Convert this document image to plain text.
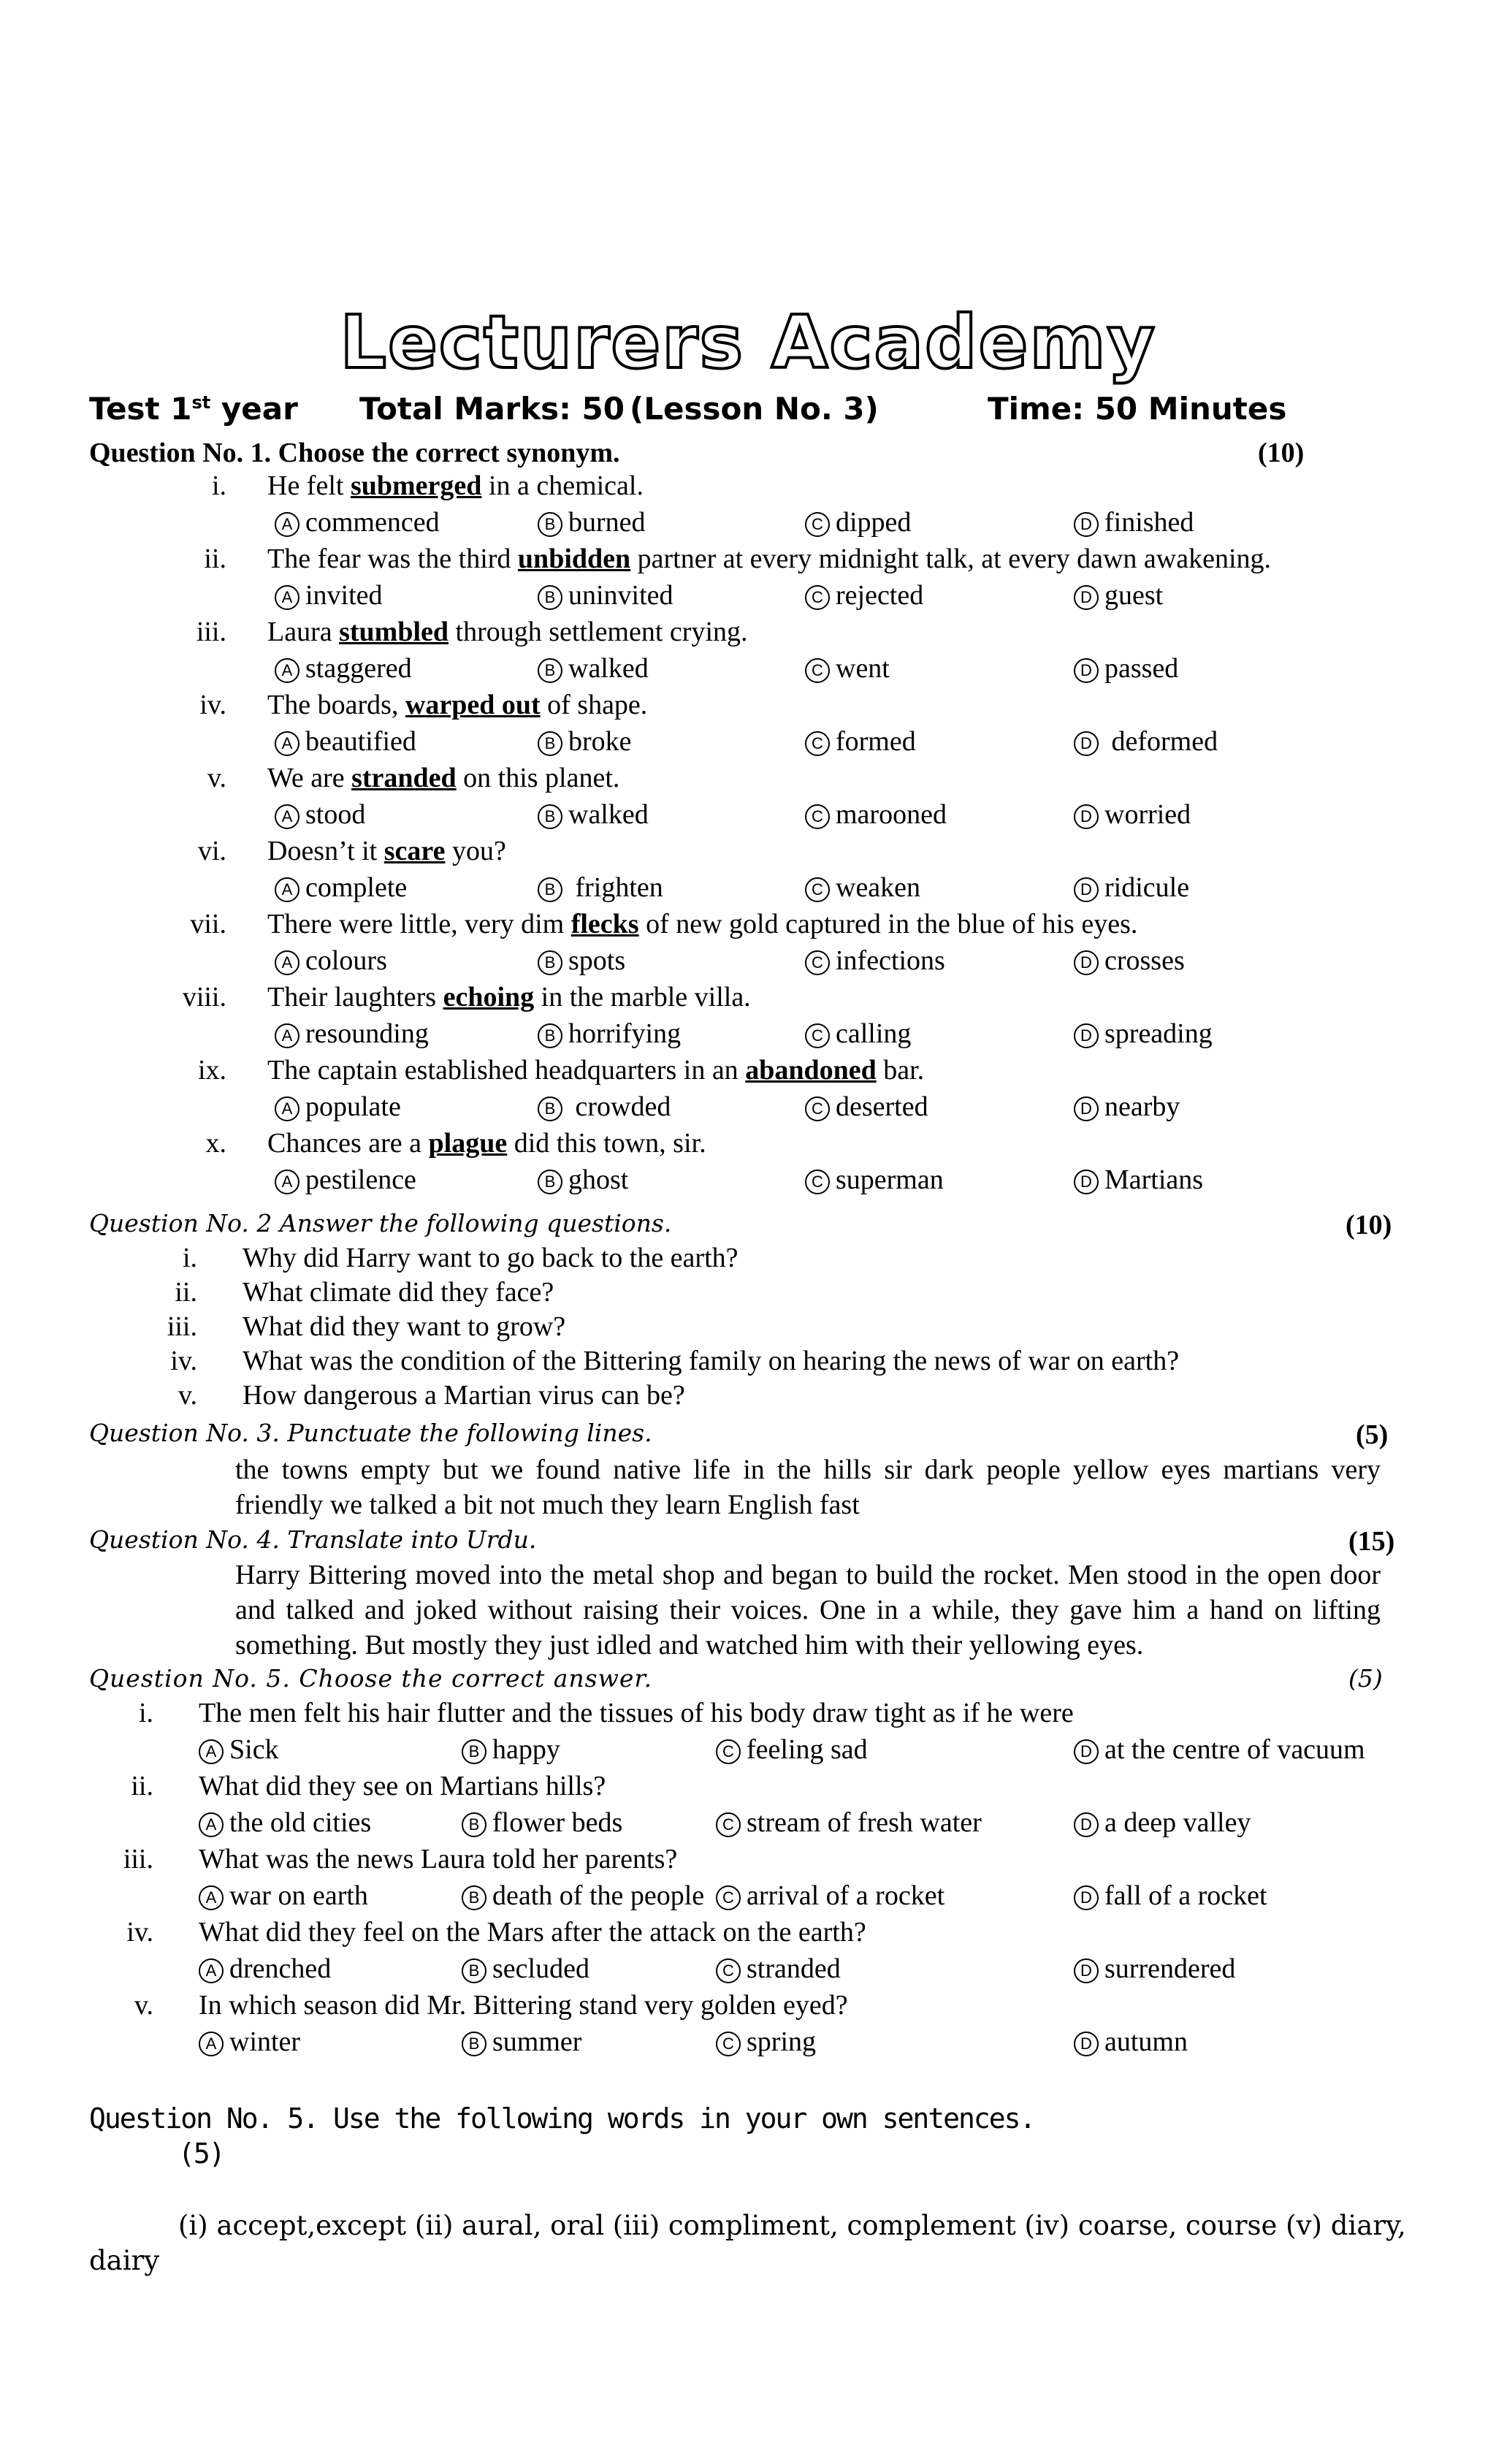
Lecturers Academy
Test 1st year Total Marks: 50 (Lesson No. 3)	Time: 50 Minutes
Question No. 1. Choose the correct synonym.	(10)
i. He felt submerged in a chemical.
A commenced	B burned	C dipped	D finished
ii. The fear was the third unbidden partner at every midnight talk, at every dawn awakening.
A invited	B uninvited	C rejected	D guest
iii. Laura stumbled through settlement crying.
A staggered	B walked	C went	D passed
iv. The boards, warped out of shape.
A beautified	B broke	C formed	D deformed
v. We are stranded on this planet.
A stood	B walked	C marooned	D worried
vi. Doesn’t it scare you?
A complete	B frighten	C weaken	D ridicule
vii. There were little, very dim flecks of new gold captured in the blue of his eyes.
A colours	B spots	C infections	D crosses
viii. Their laughters echoing in the marble villa.
A resounding	B horrifying	C calling	D spreading
ix. The captain established headquarters in an abandoned bar.
A populate	B crowded	C deserted	D nearby
x. Chances are a plague did this town, sir.
A pestilence	B ghost	C superman	D Martians
Question No. 2 Answer the following questions.	(10)
i. Why did Harry want to go back to the earth?
ii. What climate did they face?
iii. What did they want to grow?
iv. What was the condition of the Bittering family on hearing the news of war on earth?
v. How dangerous a Martian virus can be?
Question No. 3. Punctuate the following lines.	(5)
the towns empty but we found native life in the hills sir dark people yellow eyes martians very
friendly we talked a bit not much they learn English fast
Question No. 4. Translate into Urdu.	(15)
Harry Bittering moved into the metal shop and began to build the rocket. Men stood in the open door and talked and joked without raising their voices. One in a while, they gave him a hand on lifting something. But mostly they just idled and watched him with their yellowing eyes.
Question No. 5. Choose the correct answer.	(5)
i. The men felt his hair flutter and the tissues of his body draw tight as if he were
A Sick	B happy	C feeling sad	D at the centre of vacuum
ii. What did they see on Martians hills?
A the old cities	B flower beds	C stream of fresh water	D a deep valley
iii. What was the news Laura told her parents?
A war on earth	B death of the people	C arrival of a rocket	D fall of a rocket
iv. What did they feel on the Mars after the attack on the earth?
A drenched	B secluded	C stranded	D surrendered
v. In which season did Mr. Bittering stand very golden eyed?
A winter	B summer	C spring	D autumn
Question No. 5. Use the following words in your own sentences.
(5)
(i) accept,except (ii) aural, oral (iii) compliment, complement (iv) coarse, course (v) diary,
dairy
